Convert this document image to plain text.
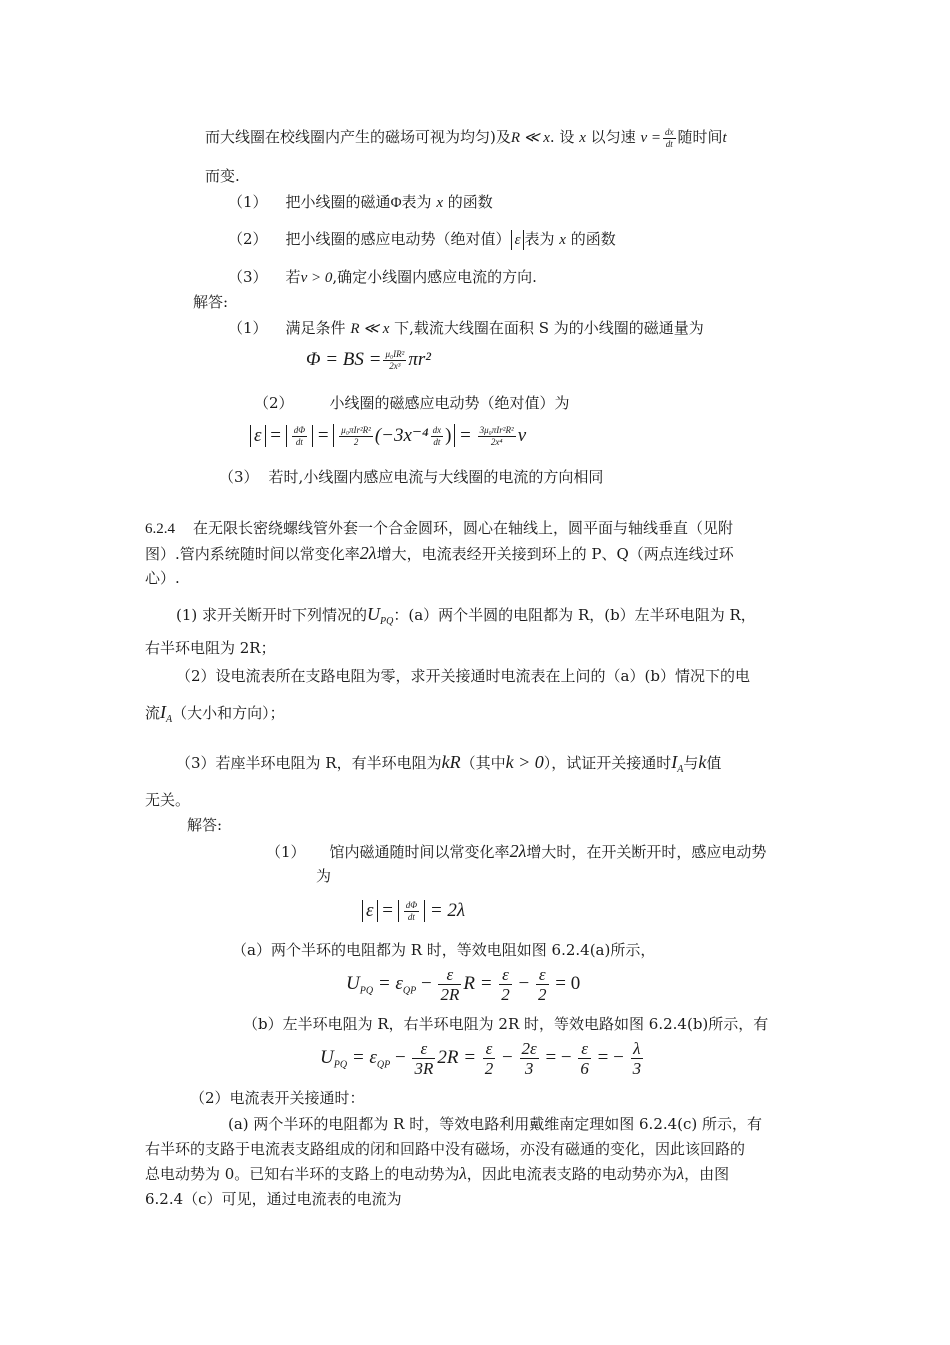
而大线圈在校线圈内产生的磁场可视为均匀)及R ≪ x. 设 x 以匀速 $v = \frac{dx}{dt}$ 随时间t
而变.
（1） 把小线圈的磁通Φ表为 x 的函数
（2） 把小线圈的感应电动势（绝对值） ε 表为 x 的函数
（3） 若v > 0,确定小线圈内感应电流的方向.
解答:
（1） 满足条件 R ≪ x 下,载流大线圈在面积 S 为的小线圈的磁通量为
Φ = BS = $\frac{\text{μ₀IR²}}{\text{2x³}} \pi r^2$
（2） 小线圈的磁感应电动势（绝对值）为
$\varepsilon = \frac{d\Phi}{dt} = \frac{\text{μ₀πIr²R²}}{2} (-3x^{-4} \frac{dx}{dt}$ ) = $\frac{\text{3μ₀πIr²R²}}{\text{2x⁴}}$ v
（3） 若时,小线圈内感应电流与大线圈的电流的方向相同
6.2.4 在无限长密绕螺线管外套一个合金圆环，圆心在轴线上，圆平面与轴线垂直（见附
图）.管内系统随时间以常变化率2λ增大，电流表经开关接到环上的 P、Q（两点连线过环
心）.
(1) 求开关断开时下列情况的$U_{PQ}$：(a）两个半圆的电阻都为 R，(b）左半环电阻为 R，
右半环电阻为 2R；
（2）设电流表所在支路电阻为零，求开关接通时电流表在上问的（a）(b）情况下的电
流$I_A$（大小和方向）；
（3）若座半环电阻为 R，有半环电阻为kR（其中k > 0），试证开关接通时$I_A$与k值
无关。
解答:
（1） 馆内磁通随时间以常变化率2λ增大时，在开关断开时，感应电动势
为
$\varepsilon = \frac{d\Phi}{dt} = 2\lambda$
（a）两个半环的电阻都为 R 时，等效电阻如图 6.2.4(a)所示，
$U_{PQ} = \varepsilon_{QP} - \frac{\varepsilon}{2R}$ $R = \frac{\varepsilon}{2} - \frac{\varepsilon}{2} = 0$
（b）左半环电阻为 R，右半环电阻为 2R 时，等效电路如图 6.2.4(b)所示，有
$U_{PQ} = \varepsilon_{QP} - \frac{\varepsilon}{3R} 2R = \frac{\varepsilon}{2} - \frac{2\varepsilon}{3}$ = − $\frac{\varepsilon}{6}$ = − $\frac{\lambda}{3}$
（2）电流表开关接通时：
(a) 两个半环的电阻都为 R 时，等效电路利用戴维南定理如图 6.2.4(c) 所示，有
右半环的支路于电流表支路组成的闭和回路中没有磁场，亦没有磁通的变化，因此该回路的
总电动势为 0。已知右半环的支路上的电动势为λ，因此电流表支路的电动势亦为λ，由图
6.2.4（c）可见，通过电流表的电流为
